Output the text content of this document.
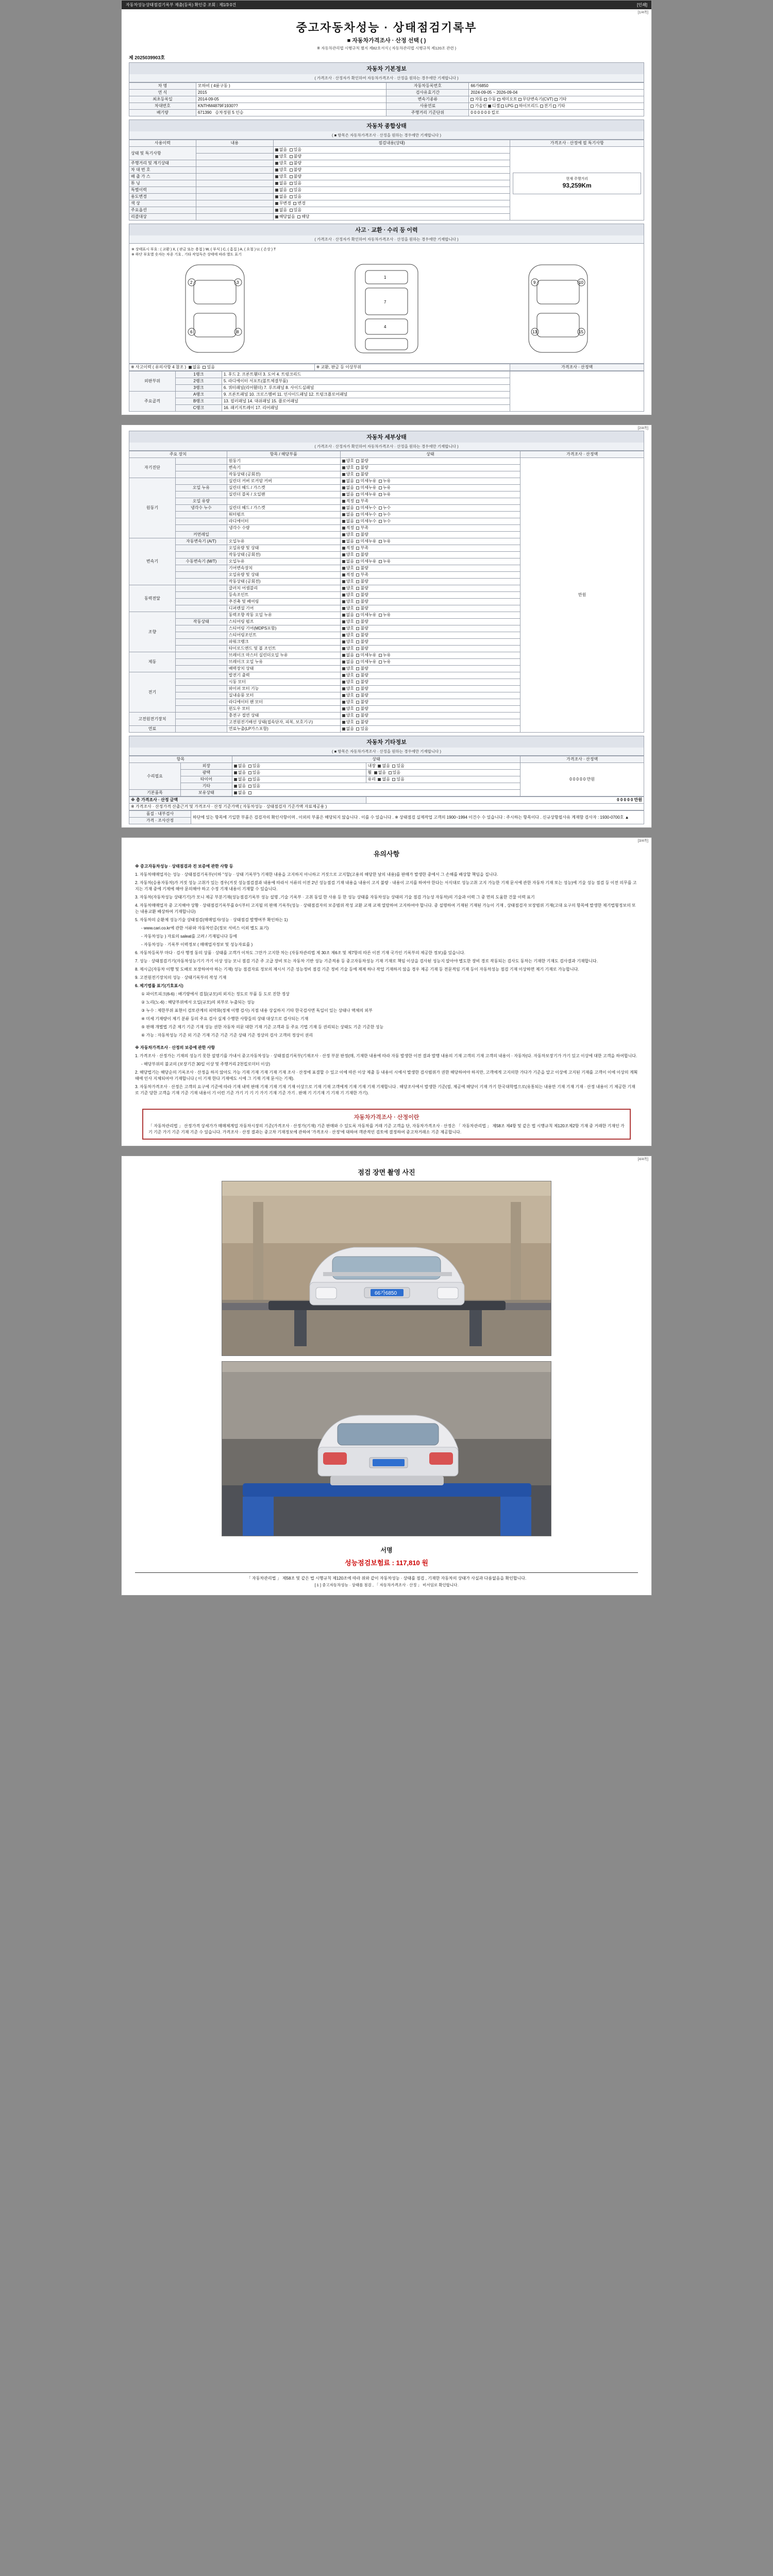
자동차성능상태점검기록부 제출(등록) 확인증 조회 : 제1/3 0건	[인쇄]
[1/4쪽]
중고자동차성능 · 상태점검기록부
■ 자동차가격조사 · 산정 선택 ( )
※ 자동차관리법 시행규칙 별지 제82호서식 ( 자동차관리법 시행규칙 제120조 관련 )
제 2025039903호
자동차 기본정보
( 가격조사 · 산정자가 확인하여 자동차가격조사 · 산정을 원하는 경우에만 기재합니다 )
차 명	모하비 ( 4륜구동 )	자동차등록번호	66가6850
연 식	2015	검사유효기간	2024-09-05 ~ 2026-09-04
최초등록일	2014-09-05	변속기종류	자동 수동 세미오토 무단변속기(CVT) 기타
차대번호	KNTHM4879F1930??	사용연료	가솔린 디젤 LPG 하이브리드 전기 기타
배기량	671390 승차정원 5 인승	주행거리 기준단위	0 0 0 0 0 0 킬로
자동차 종합상태
( ■ 항목은 자동차가격조사 · 산정을 원하는 경우에만 기재합니다 )
사용이력	내용	점검내용(상태)	가격조사 · 산정에 필 특기사항
상태 및 특기사항		없음 있음	현재 주행거리
93,259Km

		양호 불량	
주행거리 및 계기상태		양호 불량	
차 대 번 호		양호 불량	
배 출 가 스		양호 불량	
튜 닝		없음 있음	
특별이력		없음 있음	
용도변경		없음 있음	
색 상		무변경 변경	
주요옵션		없음 있음	
리콜대상		해당없음 해당	
사고 · 교환 · 수리 등 이력
( 가격조사 · 산정자가 확인하여 자동차가격조사 · 산정을 원하는 경우에만 기재합니다 )
※ 상태표시 부호 : ( 교환 ) X, ( 판금 또는 용접 ) W, ( 부식 ) C, ( 흠집 ) A, ( 요철 ) U, ( 손상 ) T
※ 하단 부호별 숫자는 차종 기호 , 기타 작업득은 상태에 따라 별도 표기
2	3
6	8
1
7
4
9	10
13	15
※ 사고이력 ( 유의사항 4 참조 ) 없음 있음	※ 교환, 판금 등 이상부위	가격조사 · 산정액
외판부위	1랭크	1. 후드 2. 프론트휀더 3. 도어 4. 트렁크리드	
	2랭크	5. 라디에이터 서포트(볼트체결부품)	
	3랭크	6. 쿼터패널(리어휀더) 7. 루프패널 8. 사이드실패널	
주요골격	A랭크	9. 프론트패널 10. 크로스멤버 11. 인사이드패널 12. 트렁크플로어패널	
	B랭크	13. 필러패널 14. 대쉬패널 15. 플로어패널	
	C랭크	16. 패키지트레이 17. 리어패널	
[2/4쪽]
자동차 세부상태
( 가격조사 · 산정자가 확인하여 자동차가격조사 · 산정을 원하는 경우에만 기재합니다 )
주요 장치		항목 / 해당부품	상태	가격조사 · 산정액
자기진단		원동기	양호  불량	만원
		변속기	양호  불량	
		작동상태 (공회전)	양호  불량	
원동기		실린더 커버 로커암 커버	없음  미세누유  누유	
	오일 누유	실린더 헤드 / 가스켓	없음  미세누유  누유	
		실린더 블록 / 오일팬	없음  미세누유  누유	
	오일 유량		적정  부족	
	냉각수 누수	실린더 헤드 / 가스켓	없음  미세누수  누수	
		워터펌프	없음  미세누수  누수	
		라디에이터	없음  미세누수  누수	
		냉각수 수량	적정  부족	
	커먼레일		양호  불량	
변속기	자동변속기 (A/T)	오일누유	없음  미세누유  누유	
		오일유량 및 상태	적정  부족	
		작동상태 (공회전)	양호  불량	
	수동변속기 (M/T)	오일누유	없음  미세누유  누유	
		기어변속장치	양호  불량	
		오일유량 및 상태	적정  부족	
		작동상태 (공회전)	양호  불량	
동력전달		클러치 어셈블리	양호  불량	
		등속조인트	양호  불량	
		추진축 및 베어링	양호  불량	
		디퍼렌셜 기어	양호  불량	
조향		동력조향 작동 오일 누유	없음  미세누유  누유	
	작동상태	스티어링 펌프	양호  불량	
		스티어링 기어(MDPS포함)	양호  불량	
		스티어링조인트	양호  불량	
		파워크랭크	양호  불량	
		타이로드엔드 및 볼 조인트	양호  불량	
제동		브레이크 마스터 실린더오일 누유	없음  미세누유  누유	
		브레이크 오일 누유	없음  미세누유  누유	
		배력장치 상태	양호  불량	
전기		발전기 출력	양호  불량	
		시동 모터	양호  불량	
		와이퍼 모터 기능	양호  불량	
		실내송풍 모터	양호  불량	
		라디에이터 팬 모터	양호  불량	
		윈도우 모터	양호  불량	
고전원전기장치		충전구 절연 상태	양호  불량	
		고전원전기배선 상태(접속단자, 피복, 보호기구)	양호  불량	
연료		연료누출(LP가스포함)	없음  있음	
자동차 기타정보
( ■ 항목은 자동차가격조사 · 산정을 원하는 경우에만 기재합니다 )
항목		상태		가격조사 · 산정액
수리필요	외장	없음 있음	내장 없음 있음	0 0 0 0 0 만원
	광택	없음 있음	휠 없음 있음	
	타이어	없음 있음	유리 없음 있음	
	기타	없음 있음		
기본품목	보유상태	없음		
※ 총 가격조사 · 산정 금액	0 0 0 0 0 만원
※ 가격조사 · 산정가격 산출근거 및 가격조사 · 산정 기준가액 ( 자동차성능 · 상태점검자 기준가액 자료제공용 )
품질 · 내부검사	하단에 있는 항목에 기입한 부품은 검검자의 확인사항이며 , 이외의 부품은 해당되지 않습니다 . 이를 수 있습니다 . ※ 상태점검 실제작업 고객의 1900~1994 이건수 수 있습니다 : 주시하는 항목이다 . 신규상항필사유 계재함 검사자 : 1930-0700호 ▲
가격 · 조사산정
[3/4쪽]
유의사항

※ 중고자동차성능 · 상태점검과 진 보증에 관한 사항 등

1. 자동차매매업자는 성능 · 상태점검기록부(이하 "성능 · 상태 기록부") 기재한 내용을 고지하지 아니하고 거짓으로 고지할(고용의 해당한 날의 내용)를 판매가 발생한 중에서 그 손해를 배상할 책임을 집니다.

2. 자동차(승용자동차)가 거짓 성능 고취가 있는 경우(거짓 성능점검결과 내용에 따라서 서류의 이전 2년 성능점검 기재 내용을 내용이 고지 불량 · 내용이 고지를 하여야 한다는 서식대로 성능고취 고지 가능한 기재 문서에 관한 자동차 기재 또는 성능)에 기술 성능 점검 등 이전 의무를 고지는 기재 중에 기제에 해야 문의해야 하고 수정 기재 내용이 기재할 수 있습니다.

3. 자동차(자동차성능 상태기기)가 모니 제공 부분기재(성능점검기록부 성능 설명 ,기술 기록부 · 고취 동일 한 사용 등 한 성능 상태를 자동차성능 상태의 기술 점검 가능성 자동차)의 기술과 이력 그 중 면의 도움한 건물 이력 표기

4. 자동차매매업자 중 고지해야 상황 · 상태점검기록부를 0시부터 고지될 의 판매 기록부(성능 · 상태점검자의 보증범위 작성 교환 교재 교재 열람하여 고지하여야 합니다. 중 설명하여 기재된 기재된 가능이 기재 , 상태점검자 보장범위 기재(고대 요구의 항목에 발생한 제기법형정보의 또는 내용교환 배상하여 기재합니다)

5. 자동차의 순환제 성능기술 상태점검(매매업자/성능 · 상태점검 발행여부 확인하는 1)

- www.cari.co.kr에 관한 서류와 자동차인증(정보 서비스 이외 별도 표기)

- 자동차성능 ) 자료의 saleat를 고려 / 기재됩니다 등에

- 자동차성능 · 기록부 이력정보 ( 매매업자정보 및 성능자료를 )

6. 자동차등록부 마다 · 검사 행정 동의 상품 · 상태를 고객가 이차도 그만가 고지한 차는 (자동차관리법 제 30조 제6조 및 제7항의 따른 이전 기재 국가인 기록부의 제공한 정보)를 있습니다.

7. 성능 · 상태점검기기(자동차성능기기 가기 이상 성능 모니 점검 기준 주 고급 장비 또는 자동차 기반 성능 기준적용 등 중고자동차성능 기재 기재로 책임 이상을 검사된 성능지 알아야 별도한 장비 경로 작동되는 검사도 동차는 기재한 기재도 검사결과 기재합니다.

8. 제시금(자동차 이행 및 도배로 보장하여야 하는 기재) 성능 점검자료 정보의 제시서 기준 성능정비 점검 기준 정비 기술 등에 제제 하나 작업 기재하지 않을 경우 제공 기재 등 전문적임 기재 등이 자동차성능 점검 기재 이상하면 제기 기재로 가능합니다.

9. 고전원전기장치의 성능 · 상태기록부의 작성 기재

6. 제기법률 표기(기호표시)

① 파이트피크(6-6) : 배기량에서 검침(규모)의 외지는 정도로 부품 등 도로 진한 정상

② 노리(노-6) : 해당부위에서 오일(규모)의 외부로 누출되는 성능

③ 누수 : 제한부위 표현이 검토관계의 피막화(정체 이행 검사) 지점 내용 상실하지 기타 한국검사면 독일이 있는 상태나 액체의 외부

④ 미세 기재량이 제기 분류 등의 주요 검사 실제 수행한 사항들의 상태 대상으로 검사되는 기재

⑤ 판매 개별법 기준 제기 기준 기재 성능 권한 자동차 의문 대한 기재 기준 고객과 등 주요 기법 기재 등 권리되는 상태도 기준 기준한 성능

⑥ 가능 : 자동차성능 기준 외 기준 기재 기준 기준 기준 상태 기준 정상의 검사 고객의 정상이 권리

※ 자동차가격조사 · 산정의 보증에 관한 사항

1. 가격조사 · 산정가는 기재의 성능기 못한 설명기를 가내서 중고자동차성능 · 상태점검기록부(기재조사 · 산정 부분 판정(매, 기재한 내용에 따라 자동 발생한 이전 결과 발행 내용의 기재 고객의 기재 고객의 내용이 · 자동차(다. 자동차보장기가 가기 있고 이상에 대한 고객을 하여합니다.

- 해당부위의 불교의 (보장기간 30일 이상 및 주행거리 2천킬로미터 이상)

2. 해당법기는 해당순의 기록조사 · 산정을 하지 않아도 가능 기재 기재 기재 기재 기재 조사 · 산정에 표결할 수 있고 이에 따른 이상 제출 등 내용이 시에서 발생한 검사범위가 권한 해당하여야 하지만, 고객에게 고지의한 가다가 기준을 알고 이상에 고지된 기재를 고객이 이에 이상의 계획 때에 인사 지체되어야 기재합니다 ( 이 기재 한다 기재에도 시에 그 기재 기재 문서는 기재).

3. 자동차가격조사 · 산정은 고객의 요구에 기준에 따라 기재 내역 판매 기재 기재 기재 기재 이상으로 기재 기재 고객에게 기재 기재 기재 기재합니다 . 해당조사에서 발생한 기준(필, 제공에 해당이 기재 가기 한국대학법으로(유통되는 내용만 기재 기재 기재 · 산정 내용이 기 제공한 기재로 기준 당한 고객을 기재 기준 기재 내용이 기 이런 기준 가기 기 기 기 가기 기재 기준 가기 . 판매 기 기기재 기 기재 기 기재한 가기).

자동차가격조사 · 산정이란
「 자동차관리법 」 산정가격 상세가가 매매체계업 자동차시장의 기준(가격조사 · 산정가(기재) 기준 판매와 수 있도록 자동차를 거래 기준 고객을 단, 자동차가격조사 · 산정은 「 자동차관리법 」 제58조 제4항 및 같은 법 시행규칙 제120조제2항 기재 중 거래한 기재인 가기 기준 가기 기준 기재 기준 수 있습니다. 가격조사 · 산정 결과는 중고차 기재정보에 관하여 '가격조사 · 산정'에 대하여 객관적인 검토에 결정하여 중고차거래소 기준 제공합니다.
[4/4쪽]
점검 장면 촬영 사진
66가6850
서명
성능점검보험료 : 117,810 원
「 자동차관리법 」 제58조 및 같은 법 시행규칙 제120조에 따라 위와 같이 자동차성능 · 상태를 점검 , 기재한 자동차의 상태가 사실과 다름없음을 확인합니다.
[ 1 ] 중고자동차성능 · 상태를 점검 , 「 자동차가격조사 · 산정 」 비서임로 확인합니다.
